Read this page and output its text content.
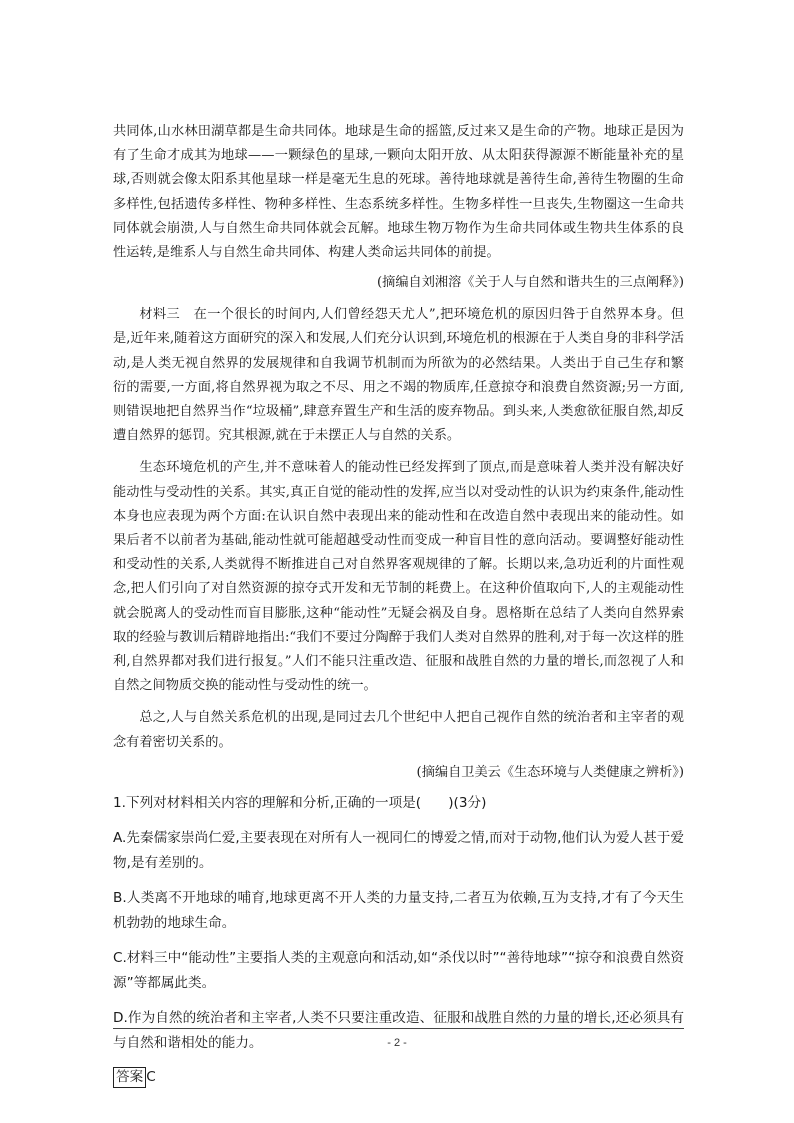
共同体,山水林田湖草都是生命共同体。地球是生命的摇篮,反过来又是生命的产物。地球正是因为有了生命才成其为地球——一颗绿色的星球,一颗向太阳开放、从太阳获得源源不断能量补充的星球,否则就会像太阳系其他星球一样是毫无生息的死球。善待地球就是善待生命,善待生物圈的生命多样性,包括遗传多样性、物种多样性、生态系统多样性。生物多样性一旦丧失,生物圈这一生命共同体就会崩溃,人与自然生命共同体就会瓦解。地球生物万物作为生命共同体或生物共生体系的良性运转,是维系人与自然生命共同体、构建人类命运共同体的前提。

(摘编自刘湘溶《关于人与自然和谐共生的三点阐释》)

材料三　在一个很长的时间内,人们曾经怨天尤人”,把环境危机的原因归咎于自然界本身。但是,近年来,随着这方面研究的深入和发展,人们充分认识到,环境危机的根源在于人类自身的非科学活动,是人类无视自然界的发展规律和自我调节机制而为所欲为的必然结果。人类出于自己生存和繁衍的需要,一方面,将自然界视为取之不尽、用之不竭的物质库,任意掠夺和浪费自然资源;另一方面,则错误地把自然界当作“垃圾桶”,肆意弃置生产和生活的废弃物品。到头来,人类愈欲征服自然,却反遭自然界的惩罚。究其根源,就在于未摆正人与自然的关系。

生态环境危机的产生,并不意味着人的能动性已经发挥到了顶点,而是意味着人类并没有解决好能动性与受动性的关系。其实,真正自觉的能动性的发挥,应当以对受动性的认识为约束条件,能动性本身也应表现为两个方面:在认识自然中表现出来的能动性和在改造自然中表现出来的能动性。如果后者不以前者为基础,能动性就可能超越受动性而变成一种盲目性的意向活动。要调整好能动性和受动性的关系,人类就得不断推进自己对自然界客观规律的了解。长期以来,急功近利的片面性观念,把人们引向了对自然资源的掠夺式开发和无节制的耗费上。在这种价值取向下,人的主观能动性就会脱离人的受动性而盲目膨胀,这种“能动性”无疑会祸及自身。恩格斯在总结了人类向自然界索取的经验与教训后精辟地指出:“我们不要过分陶醉于我们人类对自然界的胜利,对于每一次这样的胜利,自然界都对我们进行报复。”人们不能只注重改造、征服和战胜自然的力量的增长,而忽视了人和自然之间物质交换的能动性与受动性的统一。

总之,人与自然关系危机的出现,是同过去几个世纪中人把自己视作自然的统治者和主宰者的观念有着密切关系的。

(摘编自卫美云《生态环境与人类健康之辨析》)

1.下列对材料相关内容的理解和分析,正确的一项是(　　)(3分)

A.先秦儒家崇尚仁爱,主要表现在对所有人一视同仁的博爱之情,而对于动物,他们认为爱人甚于爱物,是有差别的。

B.人类离不开地球的哺育,地球更离不开人类的力量支持,二者互为依赖,互为支持,才有了今天生机勃勃的地球生命。

C.材料三中“能动性”主要指人类的主观意向和活动,如“杀伐以时”“善待地球”“掠夺和浪费自然资源”等都属此类。

D.作为自然的统治者和主宰者,人类不只要注重改造、征服和战胜自然的力量的增长,还必须具有与自然和谐相处的能力。

答案 C
- 2 -
